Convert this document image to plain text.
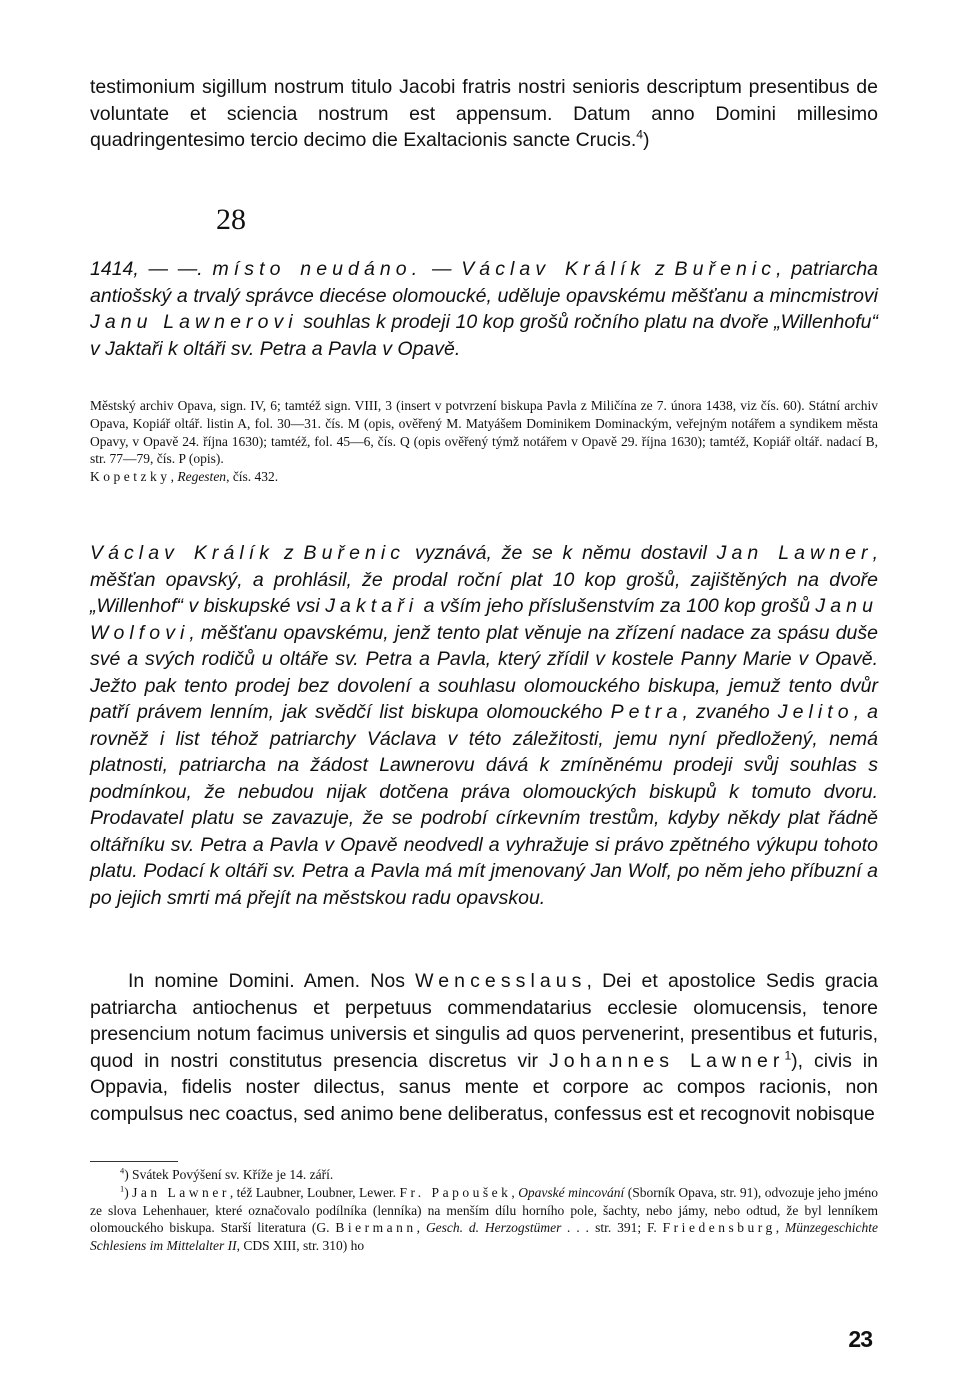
testimonium sigillum nostrum titulo Jacobi fratris nostri senioris descriptum presentibus de voluntate et sciencia nostrum est appensum. Datum anno Domini millesimo quadringentesimo tercio decimo die Exaltacionis sancte Crucis.$^4$)

28

1414, — —. místo neudáno. — Václav Králík z Buřenic, patriarcha antiošský a trvalý správce diecése olomoucké, uděluje opavskému měšťanu a mincmistrovi Janu Lawnerovi souhlas k prodeji 10 kop grošů ročního platu na dvoře „Willenhofu“ v Jaktaři k oltáři sv. Petra a Pavla v Opavě.

Městský archiv Opava, sign. IV, 6; tamtéž sign. VIII, 3 (insert v potvrzení biskupa Pavla z Miličína ze 7. února 1438, viz čís. 60). Státní archiv Opava, Kopiář oltář. listin A, fol. 30—31. čís. M (opis, ověřený M. Matyášem Dominikem Dominackým, veřejným notářem a syndikem města Opavy, v Opavě 24. října 1630); tamtéž, fol. 45—6, čís. Q (opis ověřený týmž notářem v Opavě 29. října 1630); tamtéž, Kopiář oltář. nadací B, str. 77—79, čís. P (opis).
Kopetzky, Regesten, čís. 432.

Václav Králík z Buřenic vyznává, že se k němu dostavil Jan Lawner, měšťan opavský, a prohlásil, že prodal roční plat 10 kop grošů, zajištěných na dvoře „Willenhof“ v biskupské vsi Jaktaři a vším jeho příslušenstvím za 100 kop grošů Janu Wolfovi, měšťanu opavskému, jenž tento plat věnuje na zřízení nadace za spásu duše své a svých rodičů u oltáře sv. Petra a Pavla, který zřídil v kostele Panny Marie v Opavě. Ježto pak tento prodej bez dovolení a souhlasu olomouckého biskupa, jemuž tento dvůr patří právem lenním, jak svědčí list biskupa olomouckého Petra, zvaného Jelito, a rovněž i list téhož patriarchy Václava v této záležitosti, jemu nyní předložený, nemá platnosti, patriarcha na žádost Lawnerovu dává k zmíněnému prodeji svůj souhlas s podmínkou, že nebudou nijak dotčena práva olomouckých biskupů k tomuto dvoru. Prodavatel platu se zavazuje, že se podrobí církevním trestům, kdyby někdy plat řádně oltářníku sv. Petra a Pavla v Opavě neodvedl a vyhražuje si právo zpětného výkupu tohoto platu. Podací k oltáři sv. Petra a Pavla má mít jmenovaný Jan Wolf, po něm jeho příbuzní a po jejich smrti má přejít na městskou radu opavskou.

In nomine Domini. Amen. Nos Wencesslaus, Dei et apostolice Sedis gracia patriarcha antiochenus et perpetuus commendatarius ecclesie olomucensis, tenore presencium notum facimus universis et singulis ad quos pervenerint, presentibus et futuris, quod in nostri constitutus presencia discretus vir Johannes Lawner$^1$), civis in Oppavia, fidelis noster dilectus, sanus mente et corpore ac compos racionis, non compulsus nec coactus, sed animo bene deliberatus, confessus est et recognovit nobisque

$^4$) Svátek Povýšení sv. Kříže je 14. září.

$^1$) Jan Lawner, též Laubner, Loubner, Lewer. Fr. Papoušek, Opavské mincování (Sborník Opava, str. 91), odvozuje jeho jméno ze slova Lehenhauer, které označovalo podílníka (lenníka) na menším dílu horního pole, šachty, nebo jámy, nebo odtud, že byl lenníkem olomouckého biskupa. Starší literatura (G. Biermann, Gesch. d. Herzogstümer . . . str. 391; F. Friedensburg, Münzegeschichte Schlesiens im Mittelalter II, CDS XIII, str. 310) ho

23
